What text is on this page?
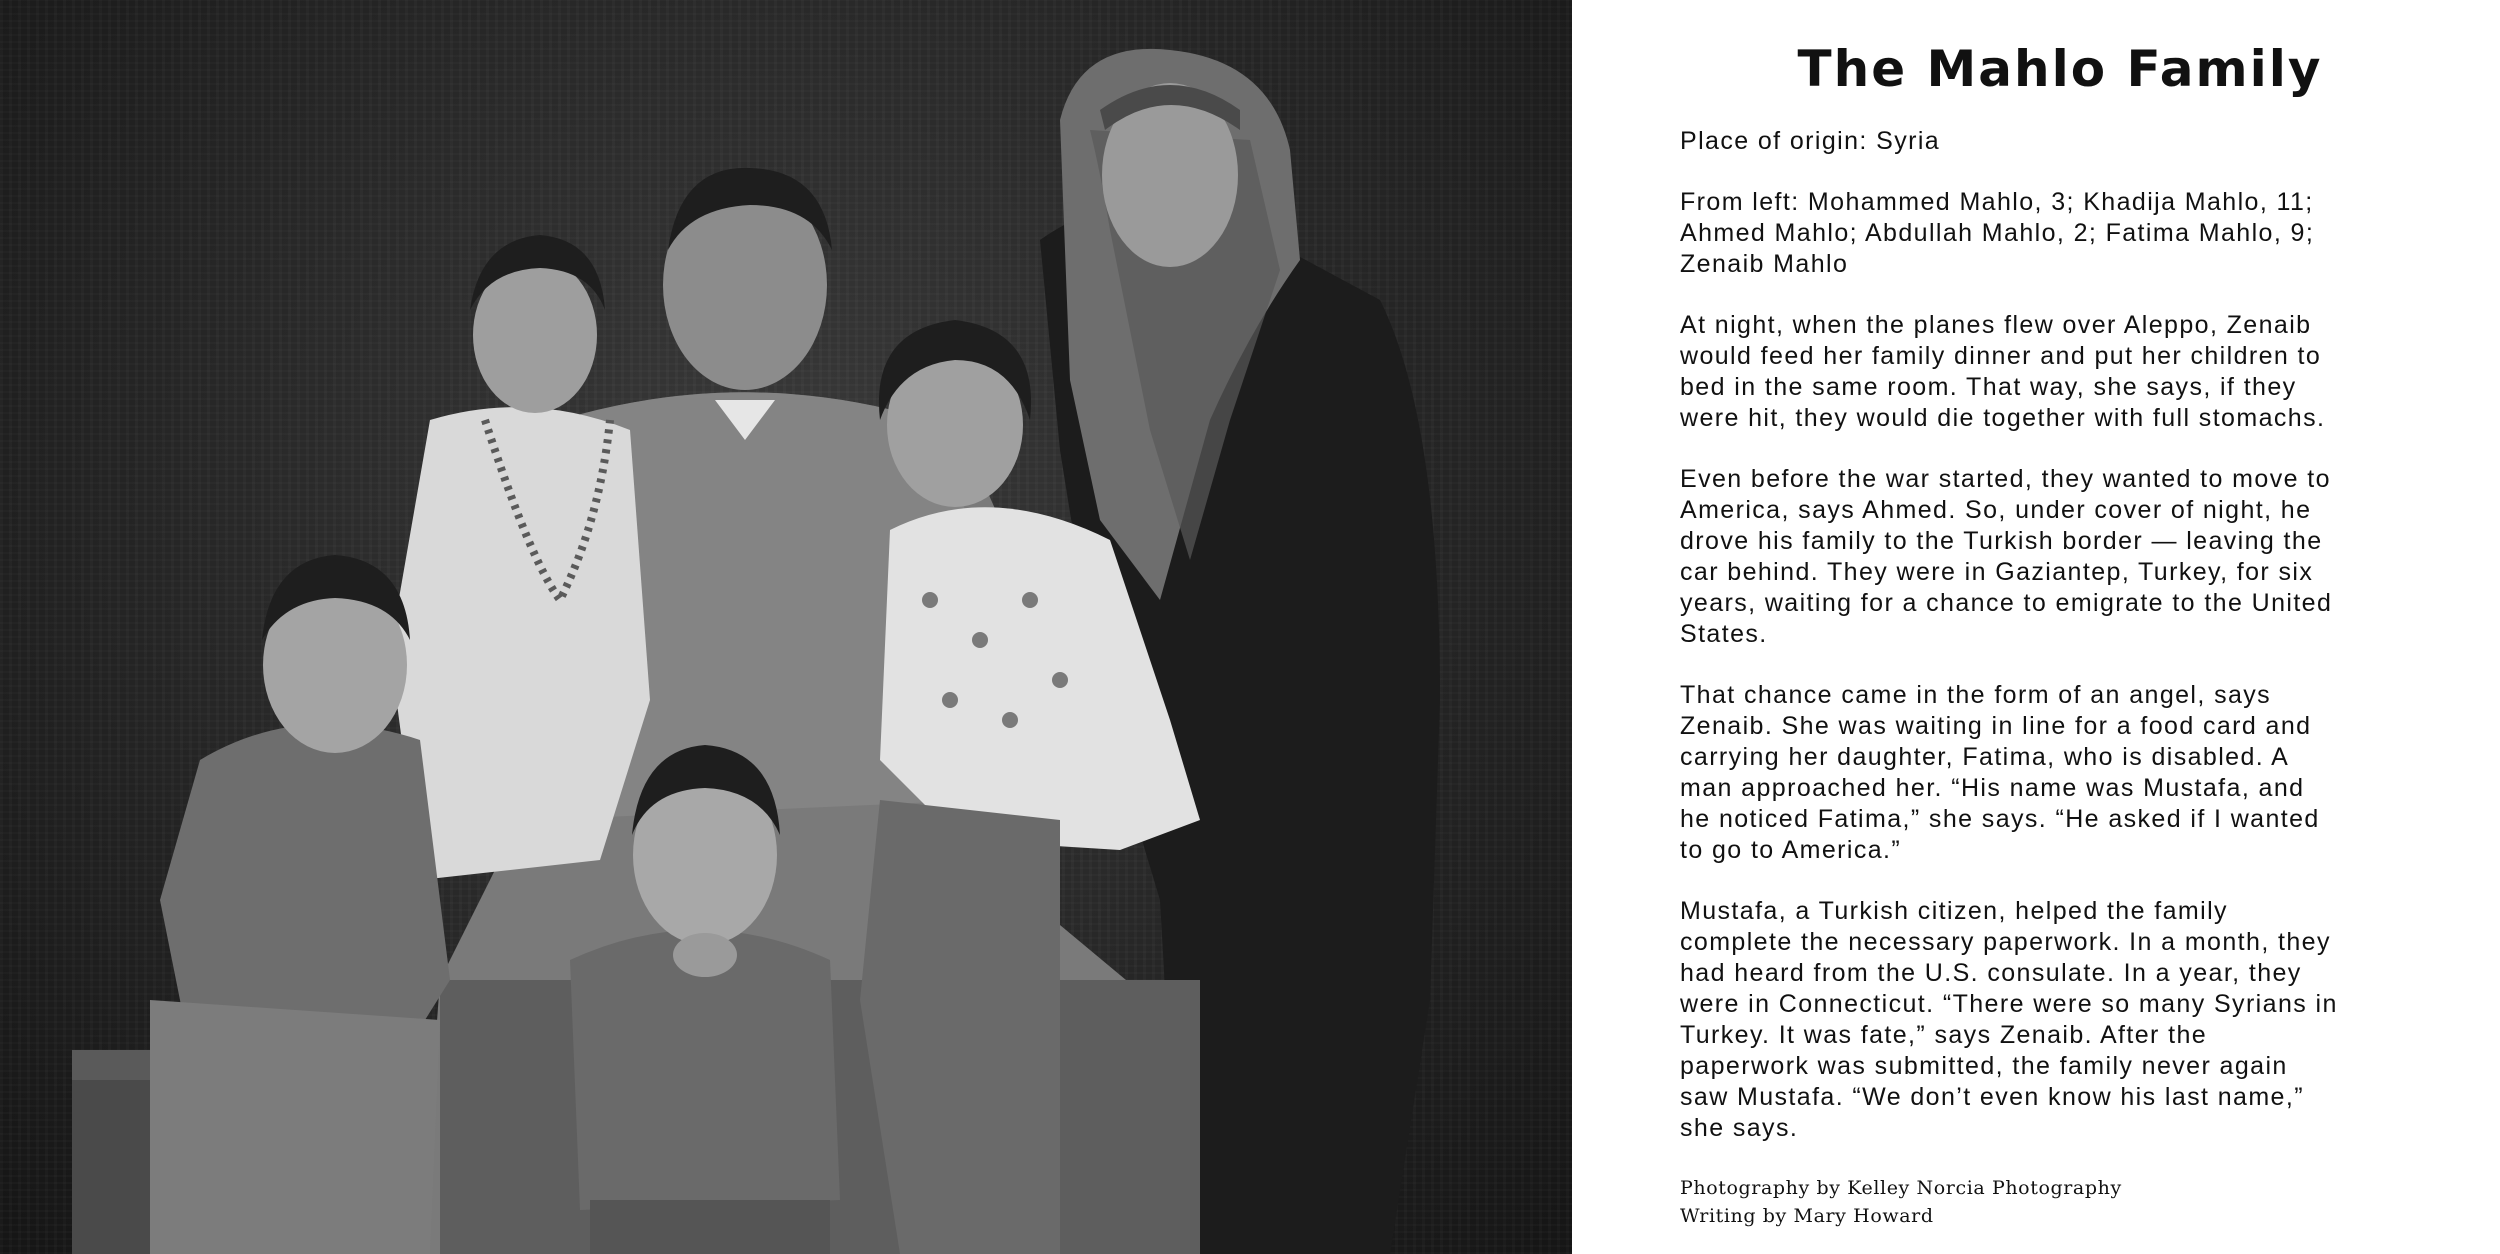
The Mahlo Family

Place of origin: Syria

From left: Mohammed Mahlo, 3; Khadija Mahlo, 11;
Ahmed Mahlo; Abdullah Mahlo, 2; Fatima Mahlo, 9;
Zenaib Mahlo

At night, when the planes flew over Aleppo, Zenaib
would feed her family dinner and put her children to
bed in the same room. That way, she says, if they
were hit, they would die together with full stomachs.

Even before the war started, they wanted to move to
America, says Ahmed. So, under cover of night, he
drove his family to the Turkish border — leaving the
car behind. They were in Gaziantep, Turkey, for six
years, waiting for a chance to emigrate to the United
States.

That chance came in the form of an angel, says
Zenaib. She was waiting in line for a food card and
carrying her daughter, Fatima, who is disabled. A
man approached her. “His name was Mustafa, and
he noticed Fatima,” she says. “He asked if I wanted
to go to America.”

Mustafa, a Turkish citizen, helped the family
complete the necessary paperwork. In a month, they
had heard from the U.S. consulate. In a year, they
were in Connecticut. “There were so many Syrians in
Turkey. It was fate,” says Zenaib. After the
paperwork was submitted, the family never again
saw Mustafa. “We don’t even know his last name,”
she says.

Photography by Kelley Norcia Photography
Writing by Mary Howard
